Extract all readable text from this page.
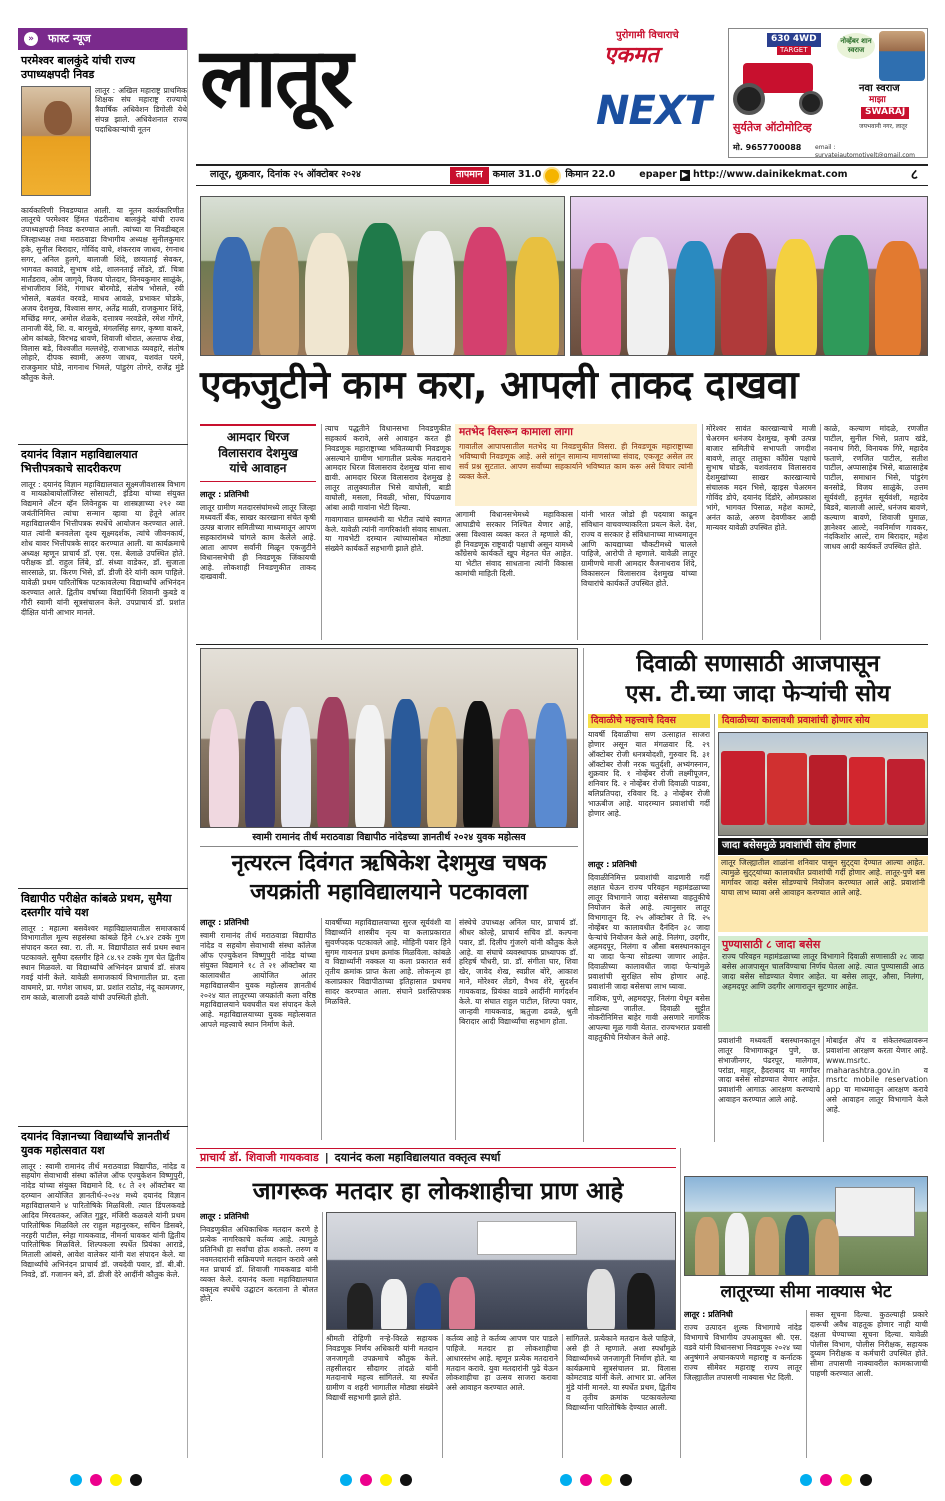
»	फास्ट न्यूज
परमेश्वर बालकुंदे यांची राज्य उपाध्यक्षपदी निवड
लातूर : अखिल महाराष्ट्र प्राथमिक शिक्षक संघ महाराष्ट्र राज्याचे त्रैवार्षिक अधिवेशन डिगोली येथे संपन्न झाले. अधिवेशनात राज्य पदाधिकाऱ्यांची नूतन
कार्यकारिणी निवडण्यात आली. या नूतन कार्यकारिणीत लातूरचे परमेश्वर हिंमत पंढरीनाथ बालकुंदे यांची राज्य उपाध्यक्षपदी निवड करण्यात आली. त्यांच्या या निवडीबद्दल जिल्हाध्यक्ष तथा मराठवाडा विभागीय अध्यक्ष सुनीलकुमार हके, सुनील बिरादार, गोविंद वाघे, शंकरराव जाधव, रंगनाथ सगर, अनिल हुलगे, बालाजी शिंदे, छायाताई सेवकर, भागवत कावाडे, सुभाष शंडे, शालनताई लोंडरे, डॉ. चित्रा मार्तंडराव, ओम जागृवे, विजय पोतदार, विनयकुमार साळुंके, संभाजीराव शिंदे, गंगाधर बोरमोडे, संतोष भोसले, रवी भोसले, बळवंत वरवडे, माधव आवळे, प्रभाकर घोडके, अजय देशमुख, विश्वास सगर, अतेंद्र माळी, राजकुमार शिंदे, मच्छिंद्र मगर, अमोल शेळके, दत्तात्रय नरवडेले, रमेश गोंगरे, तानाजी येंदे, शि. व. बारमुखे, मंगलसिंह सगर, कृष्णा वाकरे, ओम कांबळे, विरभद्र धावणे, शिवाजी थोरात, अल्ताफ शेख, विलास बडे, विश्वजीत मल्लशेट्टे, राजाभाऊ व्यवहारे, संतोष लोहारे, दीपक स्वामी, अरुण जाधव, यशवंत परमे, राजकुमार घोडे, नागनाथ भिमले, पांडुरंग तोगरे, राजेंद्र मुंडे कौतुक केले.
दयानंद विज्ञान महाविद्यालयात भित्तीपत्रकाचे सादरीकरण
लातूर : दयानंद विज्ञान महाविद्यालयात सूक्ष्मजीवशास्त्र विभाग व मायक्रोबायोलॉजिस्ट सोसायटी, इंडिया यांच्या संयुक्त विद्यमाने अँटन व्हॅन लिवेनहुक या शास्त्रज्ञाच्या २९२ व्या जयंतीनिमित्त त्यांचा सन्मान व्हावा या हेतूने आंतर महाविद्यालयीन भित्तीपत्रक स्पर्धेचे आयोजन करण्यात आले. यात त्यांनी बनवलेला दृश्य सूक्ष्मदर्शक, त्यांचे जीवनकार्य, शोध यावर भित्तीपत्रके सादर करण्यात आली. या कार्यक्रमाचे अध्यक्ष म्हणून प्राचार्य डॉ. एस. एस. बेलाळे उपस्थित होते. परीक्षक डॉ. राहुल लिंबे, डॉ. संध्या वाडेकर, डॉ. सुजाता सारसाळे, प्रा. किरण भिसे, डॉ. डीजी देरे यांनी काम पाहिले. यावेळी प्रथम पारितोषिक पटकावलेल्या विद्यार्थ्यांचे अभिनंदन करण्यात आले. द्वितीय वर्षाच्या विद्यार्थिनी शिवानी कुबडे व गौरी स्वामी यांनी सूत्रसंचालन केले. उपप्राचार्य डॉ. प्रशांत दीक्षित यांनी आभार मानले.
विद्यापीठ परीक्षेत कांबळे प्रथम, सुमैया दस्तगीर यांचे यश
लातूर : महात्मा बसवेश्वर महाविद्यालयातील समाजकार्य विभागातील मूल्य सहसंस्था कांबळे हिने ८५.४२ टक्के गुण संपादन करत स्वा. रा. ती. म. विद्यापीठात सर्व प्रथम स्थान पटकावले. सुमैया दस्तगीर हिने ८४.९२ टक्के गुण घेत द्वितीय स्थान मिळवले. या विद्यार्थ्यांचे अभिनंदन प्राचार्य डॉ. संजय गवई यांनी केले. यावेळी समाजकार्य विभागातील प्रा. दत्ता वाघमारे, प्रा. गणेश जाधव, प्रा. प्रशांत राठोड, नंदू कामजगर, राम काळे, बालाजी ढवळे यांची उपस्थिती होती.
दयानंद विज्ञानच्या विद्यार्थ्यांचे ज्ञानतीर्थ युवक महोत्सवात यश
लातूर : स्वामी रामानंद तीर्थ मराठवाडा विद्यापीठ, नांदेड व सहयोग सेवाभावी संस्था कॉलेज ऑफ एज्युकेशन विष्णुपुरी, नांदेड यांच्या संयुक्त विद्यमाने दि. १८ ते २१ ऑक्टोबर या दरम्यान आयोजित ज्ञानतीर्थ-२०२४ मध्ये दयानंद विज्ञान महाविद्यालयाने ४ पारितोषिके मिळविली. त्यात डिंपलकवडे आदिव मिरवतकर, अजित गुडूर, मंजिरी कळवले यांनी प्रथम पारितोषिक मिळविले तर राहुल महानुरकर, सचिन डिसबरे, नरहरी पाटील, स्नेहा गायकवाड, नीमर्ना घावकर यांनी द्वितीय पारितोषिक मिळविले. शिल्पकला स्पर्धेत प्रियंका आराडे, मिताली आंबसे, आवेश वालेकर यांनी यश संपादन केले. या विद्यार्थ्यांचे अभिनंदन प्राचार्य डॉ. जयदेवी पवार, डॉ. बी.बी. निवडे, डॉ. गजानन बने, डॉ. डीजी देरे आदींनी कौतुक केले.
लातूर	पुरोगामी विचाराचे
एकमत
NEXT
630 4WD
TARGET
नोव्हेंबर शान स्वराज
नवा स्वराज
माझा
SWARAJ
सुर्यतेज ऑटोमोटिव्ह	जयभवानी नगर, लातूर
मो. 9657700088 email : suryatejautomotivelt@gmail.com
लातूर, शुक्रवार, दिनांक २५ ऑक्टोबर २०२४	तापमान	कमाल 31.0	किमान 22.0	epaper ▶ http://www.dainikekmat.com	८
एकजुटीने काम करा, आपली ताकद दाखवा
आमदार धिरज
विलासराव देशमुख
यांचे आवाहन
लातूर : प्रतिनिधी

लातूर ग्रामीण मतदारसंघांमध्ये लातूर जिल्हा मध्यवर्ती बँक, साखर कारखाना संचेत कृषी उत्पन्न बाजार समितीच्या माध्यमातून आपण सहकारांमध्ये चांगले काम केलेले आहे. आता आपण सर्वांनी मिळून एकजुटीने विधानसभेची ही निवडणूक जिंकायची आहे. लोकशाही निवडणुकीत ताकद दाखवावी.

त्याच पद्धतीने विधानसभा निवडणुकीत सहकार्य करावे, असे आवाहन करत ही निवडणूक महाराष्ट्राच्या भवितव्याची निवडणूक असल्याने ग्रामीण भागातील प्रत्येक मतदाराने आमदार धिरज विलासराव देशमुख यांना साथ द्यावी. आमदार धिरज विलासराव देशमुख हे लातूर तालुक्यातील भिसे वाघोली, बाडी वाघोली, मसला, निवळी, भोसा, पिंपळगाव आंबा आदी गावांना भेटी दिल्या.

गावागावात ग्रामस्थांनी या भेटीत त्यांचे स्वागत केले. यावेळी त्यांनी नागरिकांशी संवाद साधला. या गावभेटी दरम्यान त्यांच्यासोबत मोठ्या संख्येने कार्यकर्ते सहभागी झाले होते.

मतभेद विसरून कामाला लागा
गावातील आपापसातील मतभेद या निवडणुकीत विसरा. ही निवडणूक महाराष्ट्राच्या भविष्याची निवडणूक आहे. असे सांगून सामान्य माणसांच्या संवाद, एकजूट असेल तर सर्व प्रश्न सुटतात. आपण सर्वांच्या सहकार्याने भविष्यात काम करू असे विचार त्यांनी व्यक्त केले.

आगामी विधानसभेमध्ये महाविकास आघाडीचे सरकार निश्चित येणार आहे, असा विश्वास व्यक्त करत ते म्हणाले की, ही निवडणूक राष्ट्रवादी पक्षाची असून यामध्ये काँग्रेसचे कार्यकर्ते खूप मेहनत घेत आहेत. या भेटीत संवाद साधताना त्यांनी विकास कामांची माहिती दिली.

यांनी भारत जोडो ही पदयात्रा काढून संविधान वाचवण्याकरिता प्रयत्न केले. देश, राज्य व सरकार हे संविधानाच्या माध्यमातून आणि कायद्याच्या चौकटीमध्ये चालले पाहिजे, आरोपी ते म्हणाले. यावेळी लातूर ग्रामीणचे माजी आमदार वैजनाथराव शिंदे, विकासरत्न विलासराव देशमुख यांच्या विचारांचे कार्यकर्ते उपस्थित होते.

मोरेश्वर सावंत कारखान्याचे माजी चेअरमन धनंजय देशमुख, कृषी उत्पन्न बाजार समितीचे सभापती जगदीश बावणे, लातूर तालुका काँग्रेस पक्षाचे सुभाष घोडके, यशवंतराव विलासराव देशमुखांच्या साखर कारखान्याचे संचालक मदन भिसे, व्हाइस चेअरमन गोविंद डोपे, दयानंद दिंडोरे, ओमप्रकाश भांगे, भागवत पिसाळ, महेश कामटे, अनंत काळे, अरुण देवणीकर आदी मान्यवर यावेळी उपस्थित होते.

काळे, कल्याण मांदळे, रणजीत पाटील, सुनील भिसे, प्रताप खंडे, नवनाथ गिरी, विनायक गिरे, महादेव फताणे, रणजित पाटील, सतीश पाटील, अप्पासाहेब भिसे, बाळासाहेब पाटील, समाधान भिसे, पांडुरंग बनसोडे, विजय साळुंके, उत्तम सूर्यवंशी, हनुमंत सूर्यवंशी, महादेव बिडवे, बालाजी आल्टे, धनंजय बावणे, कल्याण बावणे, शिवाजी घुमाळ, ज्ञानेश्वर आल्टे, नवनिर्माण गावकर, नंदकिशोर आल्टे, राम बिरादार, महेश जाधव आदी कार्यकर्ते उपस्थित होते.

स्वामी रामानंद तीर्थ मराठवाडा विद्यापीठ नांदेडच्या ज्ञानतीर्थ २०२४ युवक महोत्सव
नृत्यरत्न दिवंगत ऋषिकेश देशमुख चषक
जयक्रांती महाविद्यालयाने पटकावला
लातूर : प्रतिनिधी

स्वामी रामानंद तीर्थ मराठवाडा विद्यापीठ नांदेड व सहयोग सेवाभावी संस्था कॉलेज ऑफ एज्युकेशन विष्णुपुरी नांदेड यांच्या संयुक्त विद्यमाने १८ ते २१ ऑक्टोबर या कालावधीत आयोजित आंतर महाविद्यालयीन युवक महोत्सव ज्ञानतीर्थ २०२४ यात लातूरच्या जयक्रांती कला वरिष्ठ महाविद्यालयाने घवघवीत यश संपादन केले आहे. महाविद्यालयाच्या युवक महोत्सवात आपले महत्त्वाचे स्थान निर्माण केले.

यावर्षीच्या महाविद्यालयाच्या सुरज सूर्यवंशी या विद्यार्थ्याने शास्त्रीय नृत्य या कलाप्रकारात सुवर्णपदक पटकावले आहे. मोहिनी पवार हिने सुगम गायनात प्रथम क्रमांक मिळविला. कांबळे व विद्यार्थ्यांनी नक्कल या कला प्रकारात सर्व तृतीय क्रमांक प्राप्त केला आहे. लोकनृत्य हा कलाप्रकार विद्यापीठाच्या इतिहासात प्रथमच सादर करण्यात आला. संघाने प्रशस्तिपत्रक मिळविले.

संस्थेचे उपाध्यक्ष अनिल घार, प्राचार्य डॉ. श्रीधर कोल्हे, प्राचार्य सचिव डॉ. कल्पना पवार, डॉ. दिलीप गुंजरगे यांनी कौतुक केले आहे. या संघाचे व्यवस्थापक प्राध्यापक डॉ. हरिहर्ष चौधरी, प्रा. डॉ. संगीता घार, शिवा खेर, जावेद शेख, स्वप्नील बोरे, आकाश माने, मोरेश्वर लेंडगे, वैभव शेरे, सुदर्शन गायकवाड, प्रियंका वाडवे आदींनी मार्गदर्शन केले. या संघात राहुल पाटील, शिल्पा पवार, जान्हवी गायकवाड, ऋतुजा ढवळे, श्रुती बिरादार आदी विद्यार्थ्यांचा सहभाग होता.

दिवाळी सणासाठी आजपासून
एस. टी.च्या जादा फेऱ्यांची सोय
दिवाळीचे महत्त्वाचे दिवस
यावर्षी दिवाळीचा सण उत्साहात साजरा होणार असून यात मंगळवार दि. २९ ऑक्टोबर रोजी धनत्रयोदशी, गुरुवार दि. ३१ ऑक्टोबर रोजी नरक चतुर्दशी, अभ्यंगस्नान, शुक्रवार दि. १ नोव्हेंबर रोजी लक्ष्मीपूजन, शनिवार दि. २ नोव्हेंबर रोजी दिवाळी पाडवा, बलिप्रतिपदा, रविवार दि. ३ नोव्हेंबर रोजी भाऊबीज आहे. यादरम्यान प्रवाशांची गर्दी होणार आहे.
लातूर : प्रतिनिधी

दिवाळीनिमित्त प्रवाशांची वाढणारी गर्दी लक्षात घेऊन राज्य परिवहन महामंडळाच्या लातूर विभागाने जादा बसेसच्या वाहतुकीचे नियोजन केले आहे. त्यानुसार लातूर विभागातून दि. २५ ऑक्टोबर ते दि. २५ नोव्हेंबर या कालावधीत दैनंदिन ३८ जादा फेऱ्यांचे नियोजन केले आहे. निलंगा, उदगीर, अहमदपूर, निलंगा व औसा बसस्थानकातून या जादा फेऱ्या सोडल्या जाणार आहेत. दिवाळीच्या कालावधीत जादा फेऱ्यांमुळे प्रवाशांची सुरक्षित सोय होणार आहे. प्रवाशांनी जादा बसेसचा लाभ घ्यावा.

नाशिक, पुणे, अहमदपूर, निलंगा येथून बसेस सोडल्या जातील. दिवाळी सुट्टीत नोकरीनिमित्त बाहेर गावी असणारे नागरिक आपल्या मूळ गावी येतात. राज्यभरात प्रवासी वाहतुकीचे नियोजन केले आहे.

दिवाळीच्या कालावधी प्रवाशांची होणार सोय
जादा बसेसमुळे प्रवाशांची सोय होणार
लातूर जिल्ह्यातील शाळांना शनिवार पासून सुट्ट्या देण्यात आल्या आहेत. त्यामुळे सुट्ट्यांच्या कालावधीत प्रवाशांची गर्दी होणार आहे. लातूर-पुणे बस मार्गावर जादा बसेस सोडण्याचे नियोजन करण्यात आले आहे. प्रवाशांनी याचा लाभ घ्यावा असे आवाहन करण्यात आले आहे.
पुण्यासाठी ८ जादा बसेस
राज्य परिवहन महामंडळाच्या लातूर विभागाने दिवाळी सणासाठी २८ जादा बसेस आजपासून चालविण्याचा निर्णय घेतला आहे. त्यात पुण्यासाठी आठ जादा बसेस सोडण्यात येणार आहेत. या बसेस लातूर, औसा, निलंगा, अहमदपूर आणि उदगीर आगारातून सुटणार आहेत.

प्रवाशांनी मध्यवर्ती बसस्थानकातून लातूर विभागाकडून पुणे, छ. संभाजीनगर, पंढरपूर, मालेगाव, परांडा, माहूर, हैदराबाद या मार्गांवर जादा बसेस सोडण्यात येणार आहेत. प्रवाशांनी आगाऊ आरक्षण करण्याचे आवाहन करण्यात आले आहे.

मोबाईल ॲप व संकेतस्थळावरून प्रवाशांना आरक्षण करता येणार आहे. www.msrtc. maharashtra.gov.in व msrtc mobile reservation app या माध्यमातून आरक्षण करावे असे आवाहन लातूर विभागाने केले आहे.

प्राचार्य डॉ. शिवाजी गायकवाड | दयानंद कला महाविद्यालयात वक्तृत्व स्पर्धा
जागरूक मतदार हा लोकशाहीचा प्राण आहे
लातूर : प्रतिनिधी

निवडणुकीत अधिकाधिक मतदान करणे हे प्रत्येक नागरिकाचे कर्तव्य आहे. त्यामुळे प्रतिनिधी हा सर्वांचा होऊ शकतो. तरुण व नवमतदारांनी सक्रियपणे मतदान करावे असे मत प्राचार्य डॉ. शिवाजी गायकवाड यांनी व्यक्त केले. दयानंद कला महाविद्यालयात वक्तृत्व स्पर्धेचे उद्घाटन करताना ते बोलत होते.

श्रीमती रोहिणी नऱ्हे-विरळे सहायक निवडणूक निर्णय अधिकारी यांनी मतदान जनजागृती उपक्रमाचे कौतुक केले. तहसीलदार सौदागर तांदळे यांनी मतदानाचे महत्त्व सांगितले. या स्पर्धेत ग्रामीण व शहरी भागातील मोठ्या संख्येने विद्यार्थी सहभागी झाले होते.

कर्तव्य आहे ते कर्तव्य आपण पार पाडले पाहिजे. मतदार हा लोकशाहीचा आधारस्तंभ आहे. म्हणून प्रत्येक मतदाराने मतदान करावे. युवा मतदारांनी पुढे येऊन लोकशाहीचा हा उत्सव साजरा करावा असे आवाहन करण्यात आले.

सांगितले. प्रत्येकाने मतदान केले पाहिजे, असे ही ते म्हणाले. अशा स्पर्धांमुळे विद्यार्थ्यांमध्ये जनजागृती निर्माण होते. या कार्यक्रमाचे सूत्रसंचालन प्रा. विलास कोमटवाड यांनी केले. आभार प्रा. अनिल मुंडे यांनी मानले. या स्पर्धेत प्रथम, द्वितीय व तृतीय क्रमांक पटकावलेल्या विद्यार्थ्यांना पारितोषिके देण्यात आली.

लातूरच्या सीमा नाक्यास भेट
लातूर : प्रतिनिधी

राज्य उत्पादन शुल्क विभागाचे नांदेड विभागाचे विभागीय उपआयुक्त श्री. एस. वडवे यांनी विधानसभा निवडणूक २०२४ च्या अनुषंगाने अचानकपणे महाराष्ट्र व कर्नाटक राज्य सीमेवर महाराष्ट्र राज्य लातूर जिल्ह्यातील तपासणी नाक्यास भेट दिली.

सक्त सूचना दिल्या. कुठल्याही प्रकारे दारूची अवैध वाहतूक होणार नाही याची दक्षता घेण्याच्या सूचना दिल्या. यावेळी पोलीस विभाग, पोलीस निरीक्षक, सहायक दुय्यम निरीक्षक व कर्मचारी उपस्थित होते. सीमा तपासणी नाक्यावरील कामकाजाची पाहणी करण्यात आली.
